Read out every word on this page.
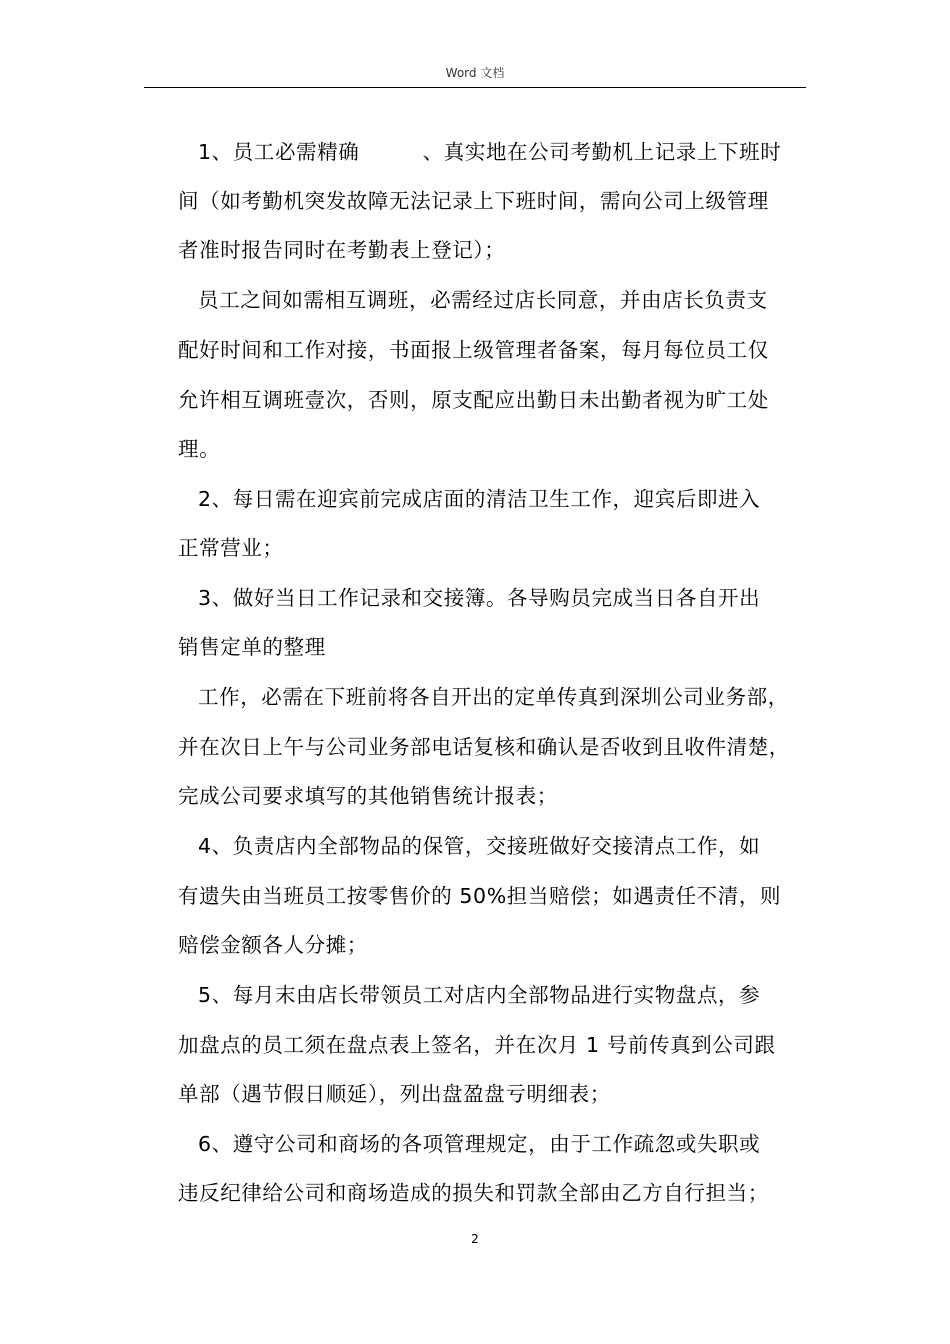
Word 文档
1、员工必需精确　　　、真实地在公司考勤机上记录上下班时
间（如考勤机突发故障无法记录上下班时间，需向公司上级管理
者准时报告同时在考勤表上登记）；
员工之间如需相互调班，必需经过店长同意，并由店长负责支
配好时间和工作对接，书面报上级管理者备案，每月每位员工仅
允许相互调班壹次，否则，原支配应出勤日未出勤者视为旷工处
理。
2、每日需在迎宾前完成店面的清洁卫生工作，迎宾后即进入
正常营业；
3、做好当日工作记录和交接簿。各导购员完成当日各自开出
销售定单的整理
工作，必需在下班前将各自开出的定单传真到深圳公司业务部，
并在次日上午与公司业务部电话复核和确认是否收到且收件清楚，
完成公司要求填写的其他销售统计报表；
4、负责店内全部物品的保管，交接班做好交接清点工作，如
有遗失由当班员工按零售价的 50%担当赔偿；如遇责任不清，则
赔偿金额各人分摊；
5、每月末由店长带领员工对店内全部物品进行实物盘点，参
加盘点的员工须在盘点表上签名，并在次月 1 号前传真到公司跟
单部（遇节假日顺延），列出盘盈盘亏明细表；
6、遵守公司和商场的各项管理规定，由于工作疏忽或失职或
违反纪律给公司和商场造成的损失和罚款全部由乙方自行担当；
2
